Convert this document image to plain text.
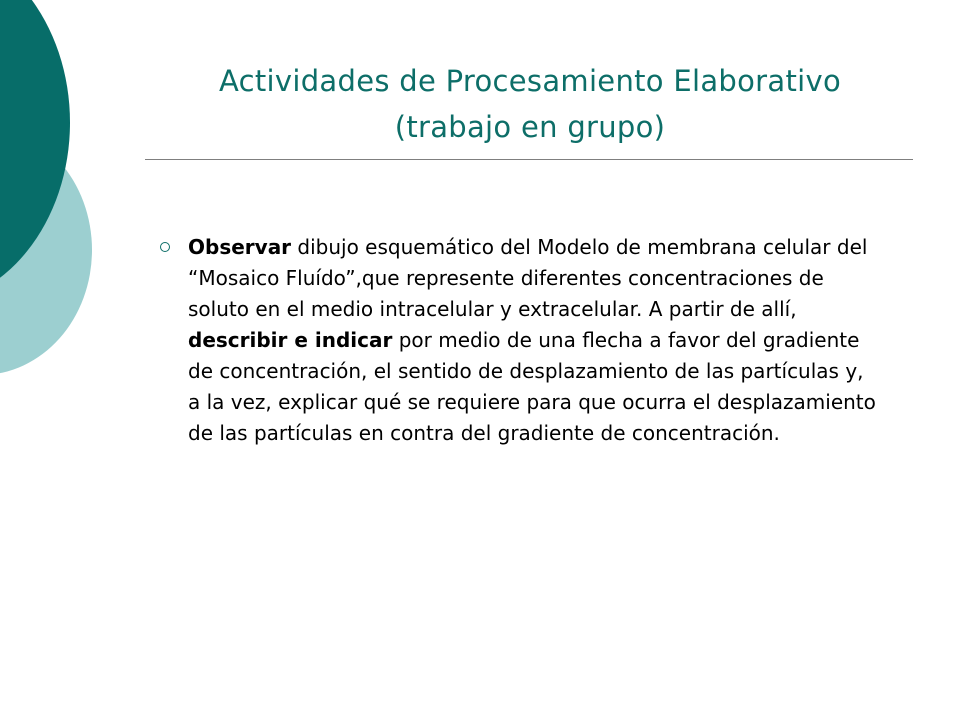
Actividades de Procesamiento Elaborativo
(trabajo en grupo)
Observar dibujo esquemático del Modelo de membrana celular del “Mosaico Fluído”,que represente diferentes concentraciones de soluto en el medio intracelular y extracelular. A partir de allí, describir e indicar por medio de una flecha a favor del gradiente de concentración, el sentido de desplazamiento de las partículas y, a la vez, explicar qué se requiere para que ocurra el desplazamiento de las partículas en contra del gradiente de concentración.
